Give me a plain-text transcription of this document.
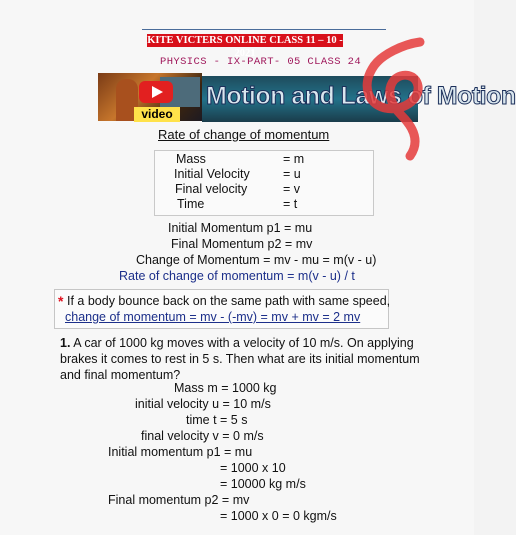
KITE VICTERS ONLINE CLASS 11 – 10 - 2021
PHYSICS - IX-PART- 05 CLASS 24
video
Motion and Laws of Motion
Rate of change of momentum
Mass	= m
Initial Velocity	= u
Final velocity	= v
Time	= t
Initial Momentum p1 = mu
Final Momentum p2 = mv
Change of Momentum = mv - mu = m(v - u)
Rate of change of momentum = m(v - u) / t
* If a body bounce back on the same path with same speed,
change of momentum = mv - (-mv) = mv + mv = 2 mv
1. A car of 1000 kg moves with a velocity of 10 m/s. On applying brakes it comes to rest in 5 s. Then what are its initial momentum and final momentum?
Mass m = 1000 kg
initial velocity u = 10 m/s
time t = 5 s
final velocity v = 0 m/s
Initial momentum p1 = mu
= 1000 x 10
= 10000 kg m/s
Final momentum p2 = mv
= 1000 x 0 = 0 kgm/s
